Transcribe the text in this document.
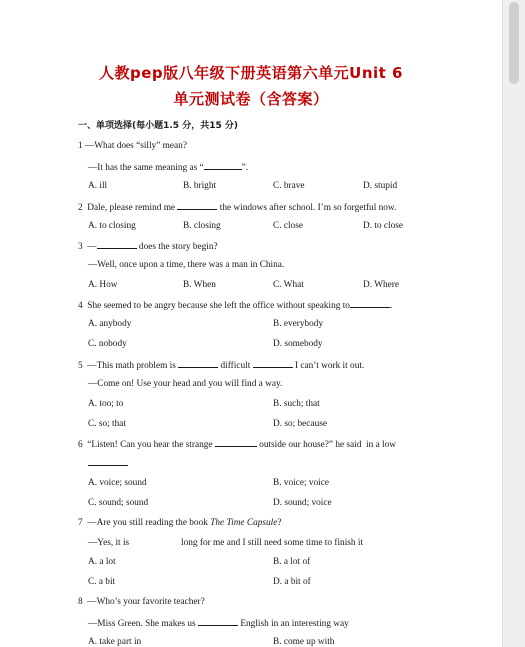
人教pep版八年级下册英语第六单元Unit 6
单元测试卷（含答案）
一、单项选择(每小题1.5 分，共15 分)
1 —What does “silly” mean?
—It has the same meaning as “	”.
A. ill	B. bright	C. brave	D. stupid
2  Dale, please remind me	the windows after school. I’m so forgetful now.
A. to closing	B. closing	C. close	D. to close
3  —	does the story begin?
—Well, once upon a time, there was a man in China.
A. How	B. When	C. What	D. Where
4  She seemed to be angry because she left the office without speaking to	.
A. anybody	B. everybody
C. nobody	D. somebody
5  —This math problem is	difficult	I can’t work it out.
—Come on! Use your head and you will find a way.
A. too; to	B. such; that
C. so; that	D. so; because
6  “Listen! Can you hear the strange	outside our house?” he said  in a low
A. voice; sound	B. voice; voice
C. sound; sound	D. sound; voice
7  —Are you still reading the book The Time Capsule?
—Yes, it is	long for me and I still need some time to finish it
A. a lot	B. a lot of
C. a bit	D. a bit of
8  —Who’s your favorite teacher?
—Miss Green. She makes us	English in an interesting way
A. take part in	B. come up with
